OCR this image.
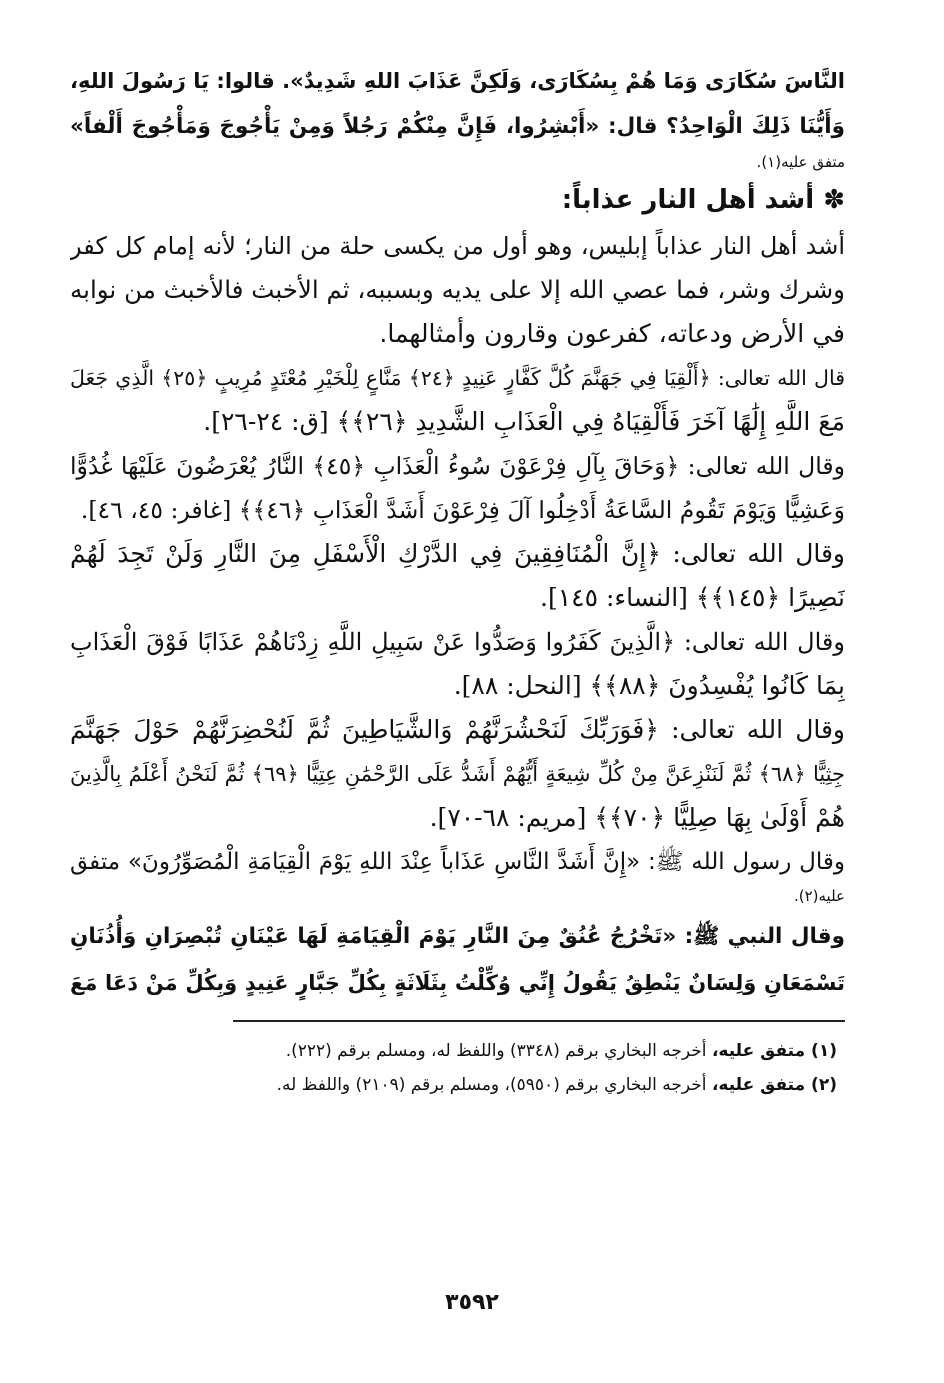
النَّاسَ سُكَارَى وَمَا هُمْ بِسُكَارَى، وَلَكِنَّ عَذَابَ اللهِ شَدِيدٌ». قالوا: يَا رَسُولَ اللهِ،
وَأَيُّنَا ذَلِكَ الْوَاحِدُ؟ قال: «أَبْشِرُوا، فَإِنَّ مِنْكُمْ رَجُلاً وَمِنْ يَأْجُوجَ وَمَأْجُوجَ أَلْفاً»
متفق عليه(١).
✽ أشد أهل النار عذاباً:
أشد أهل النار عذاباً إبليس، وهو أول من يكسى حلة من النار؛ لأنه إمام كل كفر
وشرك وشر، فما عصي الله إلا على يديه وبسببه، ثم الأخبث فالأخبث من نوابه
في الأرض ودعاته، كفرعون وقارون وأمثالهما.
قال الله تعالى: ﴿أَلْقِيَا فِي جَهَنَّمَ كُلَّ كَفَّارٍ عَنِيدٍ ﴿٢٤﴾ مَنَّاعٍ لِلْخَيْرِ مُعْتَدٍ مُرِيبٍ ﴿٢٥﴾ الَّذِي جَعَلَ
مَعَ اللَّهِ إِلَٰهًا آخَرَ فَأَلْقِيَاهُ فِي الْعَذَابِ الشَّدِيدِ ﴿٢٦﴾﴾ [ق: ٢٤-٢٦].
وقال الله تعالى: ﴿وَحَاقَ بِآلِ فِرْعَوْنَ سُوءُ الْعَذَابِ ﴿٤٥﴾ النَّارُ يُعْرَضُونَ عَلَيْهَا غُدُوًّا
وَعَشِيًّا وَيَوْمَ تَقُومُ السَّاعَةُ أَدْخِلُوا آلَ فِرْعَوْنَ أَشَدَّ الْعَذَابِ ﴿٤٦﴾﴾ [غافر: ٤٥، ٤٦].
وقال الله تعالى: ﴿إِنَّ الْمُنَافِقِينَ فِي الدَّرْكِ الْأَسْفَلِ مِنَ النَّارِ وَلَنْ تَجِدَ لَهُمْ
نَصِيرًا ﴿١٤٥﴾﴾ [النساء: ١٤٥].
وقال الله تعالى: ﴿الَّذِينَ كَفَرُوا وَصَدُّوا عَنْ سَبِيلِ اللَّهِ زِدْنَاهُمْ عَذَابًا فَوْقَ الْعَذَابِ
بِمَا كَانُوا يُفْسِدُونَ ﴿٨٨﴾﴾ [النحل: ٨٨].
وقال الله تعالى: ﴿فَوَرَبِّكَ لَنَحْشُرَنَّهُمْ وَالشَّيَاطِينَ ثُمَّ لَنُحْضِرَنَّهُمْ حَوْلَ جَهَنَّمَ
جِثِيًّا ﴿٦٨﴾ ثُمَّ لَنَنْزِعَنَّ مِنْ كُلِّ شِيعَةٍ أَيُّهُمْ أَشَدُّ عَلَى الرَّحْمَٰنِ عِتِيًّا ﴿٦٩﴾ ثُمَّ لَنَحْنُ أَعْلَمُ بِالَّذِينَ
هُمْ أَوْلَىٰ بِهَا صِلِيًّا ﴿٧٠﴾﴾ [مريم: ٦٨-٧٠].
وقال رسول الله ﷺ: «إِنَّ أَشَدَّ النَّاسِ عَذَاباً عِنْدَ اللهِ يَوْمَ الْقِيَامَةِ الْمُصَوِّرُونَ» متفق
عليه(٢).
وقال النبي ﷺ: «تَخْرُجُ عُنُقٌ مِنَ النَّارِ يَوْمَ الْقِيَامَةِ لَهَا عَيْنَانِ تُبْصِرَانِ وَأُذُنَانِ
تَسْمَعَانِ وَلِسَانٌ يَنْطِقُ يَقُولُ إِنِّي وُكِّلْتُ بِثَلَاثَةٍ بِكُلِّ جَبَّارٍ عَنِيدٍ وَبِكُلِّ مَنْ دَعَا مَعَ
(١) متفق عليه، أخرجه البخاري برقم (٣٣٤٨) واللفظ له، ومسلم برقم (٢٢٢).
(٢) متفق عليه، أخرجه البخاري برقم (٥٩٥٠)، ومسلم برقم (٢١٠٩) واللفظ له.
٣٥٩٢
